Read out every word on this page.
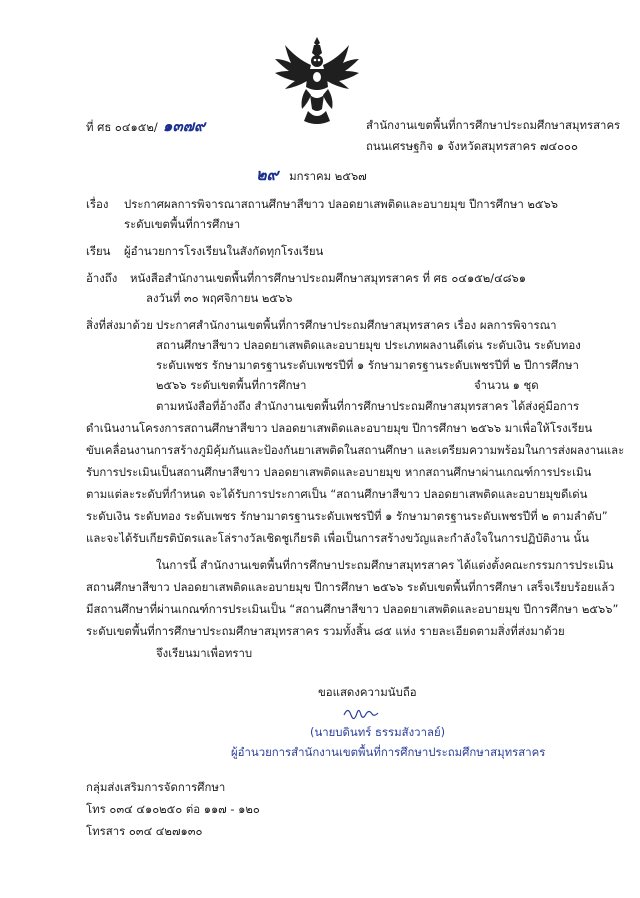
ที่ ศธ ๐๔๑๕๒/ ๑๓๗๙	สำนักงานเขตพื้นที่การศึกษาประถมศึกษาสมุทรสาคร
ถนนเศรษฐกิจ ๑ จังหวัดสมุทรสาคร ๗๔๐๐๐
๒๙ มกราคม ๒๕๖๗
เรื่อง ประกาศผลการพิจารณาสถานศึกษาสีขาว ปลอดยาเสพติดและอบายมุข ปีการศึกษา ๒๕๖๖
ระดับเขตพื้นที่การศึกษา
เรียน ผู้อำนวยการโรงเรียนในสังกัดทุกโรงเรียน
อ้างถึง หนังสือสำนักงานเขตพื้นที่การศึกษาประถมศึกษาสมุทรสาคร ที่ ศธ ๐๔๑๕๒/๔๘๖๑
ลงวันที่ ๓๐ พฤศจิกายน ๒๕๖๖
สิ่งที่ส่งมาด้วย ประกาศสำนักงานเขตพื้นที่การศึกษาประถมศึกษาสมุทรสาคร เรื่อง ผลการพิจารณา
สถานศึกษาสีขาว ปลอดยาเสพติดและอบายมุข ประเภทผลงานดีเด่น ระดับเงิน ระดับทอง
ระดับเพชร รักษามาตรฐานระดับเพชรปีที่ ๑ รักษามาตรฐานระดับเพชรปีที่ ๒ ปีการศึกษา
๒๕๖๖ ระดับเขตพื้นที่การศึกษา	จำนวน ๑ ชุด
ตามหนังสือที่อ้างถึง สำนักงานเขตพื้นที่การศึกษาประถมศึกษาสมุทรสาคร ได้ส่งคู่มือการ
ดำเนินงานโครงการสถานศึกษาสีขาว ปลอดยาเสพติดและอบายมุข ปีการศึกษา ๒๕๖๖ มาเพื่อให้โรงเรียน
ขับเคลื่อนงานการสร้างภูมิคุ้มกันและป้องกันยาเสพติดในสถานศึกษา และเตรียมความพร้อมในการส่งผลงานและ
รับการประเมินเป็นสถานศึกษาสีขาว ปลอดยาเสพติดและอบายมุข หากสถานศึกษาผ่านเกณฑ์การประเมิน
ตามแต่ละระดับที่กำหนด จะได้รับการประกาศเป็น “สถานศึกษาสีขาว ปลอดยาเสพติดและอบายมุขดีเด่น
ระดับเงิน ระดับทอง ระดับเพชร รักษามาตรฐานระดับเพชรปีที่ ๑ รักษามาตรฐานระดับเพชรปีที่ ๒ ตามลำดับ”
และจะได้รับเกียรติบัตรและโล่รางวัลเชิดชูเกียรติ เพื่อเป็นการสร้างขวัญและกำลังใจในการปฏิบัติงาน นั้น
ในการนี้ สำนักงานเขตพื้นที่การศึกษาประถมศึกษาสมุทรสาคร ได้แต่งตั้งคณะกรรมการประเมิน
สถานศึกษาสีขาว ปลอดยาเสพติดและอบายมุข ปีการศึกษา ๒๕๖๖ ระดับเขตพื้นที่การศึกษา เสร็จเรียบร้อยแล้ว
มีสถานศึกษาที่ผ่านเกณฑ์การประเมินเป็น “สถานศึกษาสีขาว ปลอดยาเสพติดและอบายมุข ปีการศึกษา ๒๕๖๖”
ระดับเขตพื้นที่การศึกษาประถมศึกษาสมุทรสาคร รวมทั้งสิ้น ๘๕ แห่ง รายละเอียดตามสิ่งที่ส่งมาด้วย
จึงเรียนมาเพื่อทราบ
ขอแสดงความนับถือ
(นายบดินทร์ ธรรมสังวาลย์)
ผู้อำนวยการสำนักงานเขตพื้นที่การศึกษาประถมศึกษาสมุทรสาคร
กลุ่มส่งเสริมการจัดการศึกษา
โทร ๐๓๔ ๔๑๐๒๕๐ ต่อ ๑๑๗ - ๑๒๐
โทรสาร ๐๓๔ ๔๒๗๑๓๐
